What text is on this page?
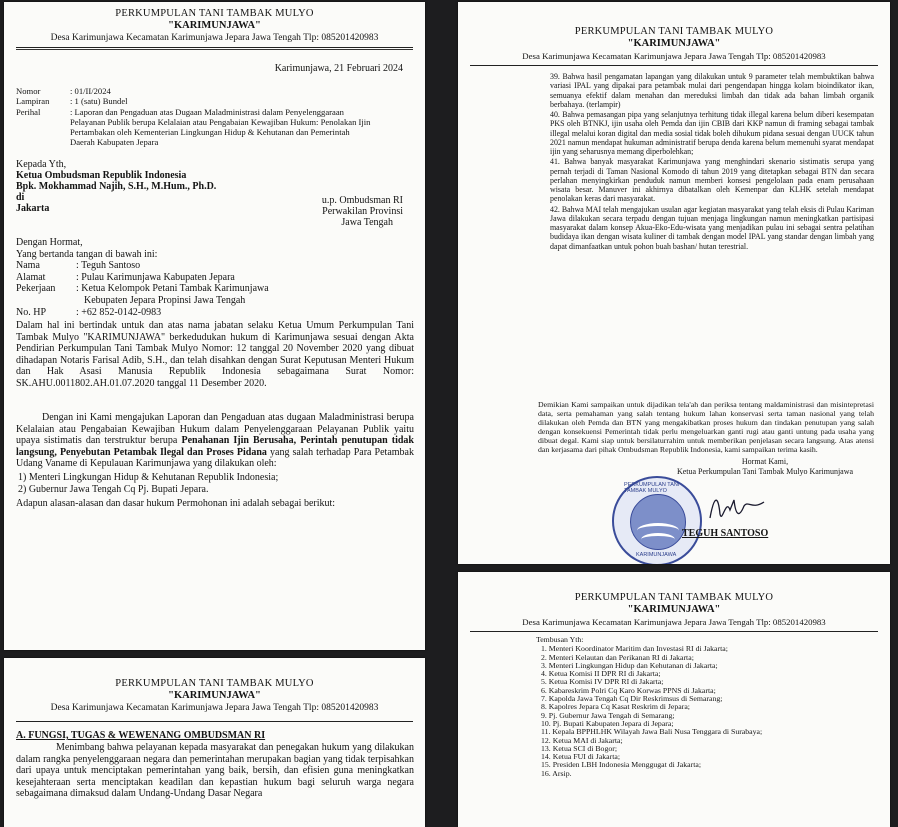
PERKUMPULAN TANI TAMBAK MULYO
"KARIMUNJAWA"
Desa Karimunjawa Kecamatan Karimunjawa Jepara Jawa Tengah Tlp: 085201420983
Karimunjawa, 21 Februari 2024
Nomor	: 01/II/2024
Lampiran	: 1 (satu) Bundel
Perihal	: Laporan dan Pengaduan atas Dugaan Maladministrasi dalam Penyelenggaraan Pelayanan Publik berupa Kelalaian atau Pengabaian Kewajiban Hukum: Penolakan Ijin Pertambakan oleh Kementerian Lingkungan Hidup & Kehutanan dan Pemerintah Daerah Kabupaten Jepara
Kepada Yth,
Ketua Ombudsman Republik Indonesia
Bpk. Mokhammad Najih, S.H., M.Hum., Ph.D.
di
Jakarta
u.p. Ombudsman RI
Perwakilan Provinsi
Jawa Tengah
Dengan Hormat,
Yang bertanda tangan di bawah ini:
Nama	: Teguh Santoso
Alamat	: Pulau Karimunjawa Kabupaten Jepara
Pekerjaan	: Ketua Kelompok Petani Tambak Karimunjawa
Kebupaten Jepara Propinsi Jawa Tengah
No. HP	: +62 852-0142-0983
Dalam hal ini bertindak untuk dan atas nama jabatan selaku Ketua Umum Perkumpulan Tani Tambak Mulyo "KARIMUNJAWA" berkedudukan hukum di Karimunjawa sesuai dengan Akta Pendirian Perkumpulan Tani Tambak Mulyo Nomor: 12 tanggal 20 November 2020 yang dibuat dihadapan Notaris Farisal Adib, S.H., dan telah disahkan dengan Surat Keputusan Menteri Hukum dan Hak Asasi Manusia Republik Indonesia sebagaimana Surat Nomor: SK.AHU.0011802.AH.01.07.2020 tanggal 11 Desember 2020.
Dengan ini Kami mengajukan Laporan dan Pengaduan atas dugaan Maladministrasi berupa Kelalaian atau Pengabaian Kewajiban Hukum dalam Penyelenggaraan Pelayanan Publik yaitu upaya sistimatis dan terstruktur berupa Penahanan Ijin Berusaha, Perintah penutupan tidak langsung, Penyebutan Petambak Ilegal dan Proses Pidana yang salah terhadap Para Petambak Udang Vaname di Kepulauan Karimunjawa yang dilakukan oleh:
1) Menteri Lingkungan Hidup & Kehutanan Republik Indonesia;
2) Gubernur Jawa Tengah Cq Pj. Bupati Jepara.
Adapun alasan-alasan dan dasar hukum Permohonan ini adalah sebagai berikut:
PERKUMPULAN TANI TAMBAK MULYO
"KARIMUNJAWA"
Desa Karimunjawa Kecamatan Karimunjawa Jepara Jawa Tengah Tlp: 085201420983
39. Bahwa hasil pengamatan lapangan yang dilakukan untuk 9 parameter telah membuktikan bahwa variasi IPAL yang dipakai para petambak mulai dari pengendapan hingga kolam bioindikator ikan, semuanya efektif dalam menahan dan mereduksi limbah dan tidak ada bahan limbah organik berbahaya. (terlampir)
40. Bahwa pemasangan pipa yang selanjutnya terhitung tidak illegal karena belum diberi kesempatan PKS oleh BTNKJ, ijin usaha oleh Pemda dan ijin CBIB dari KKP namun di framing sebagai tambak illegal melalui koran digital dan media sosial tidak boleh dihukum pidana sesuai dengan UUCK tahun 2021 namun mendapat hukuman administratif berupa denda karena belum memenuhi syarat mendapat ijin yang seharusnya memang diperbolehkan;
41. Bahwa banyak masyarakat Karimunjawa yang menghindari skenario sistimatis serupa yang pernah terjadi di Taman Nasional Komodo di tahun 2019 yang ditetapkan sebagai BTN dan secara perlahan menyingkirkan penduduk namun memberi konsesi pengelolaan pada enam perusahaan wisata besar. Manuver ini akhirnya dibatalkan oleh Kemenpar dan KLHK setelah mendapat penolakan keras dari masyarakat.
42. Bahwa MAI telah mengajukan usulan agar kegiatan masyarakat yang telah eksis di Pulau Kariman Jawa dilakukan secara terpadu dengan tujuan menjaga lingkungan namun meningkatkan partisipasi masyarakat dalam konsep Akua-Eko-Edu-wisata yang menjadikan pulau ini sebagai sentra pelatihan budidaya ikan dengan wisata kuliner di tambak dengan model IPAL yang standar dengan limbah yang dapat dimanfaatkan untuk pohon buah bashan/ hutan terestrial.
Demikian Kami sampaikan untuk dijadikan tela'ah dan periksa tentang maldaministrasi dan misintepretasi data, serta pemahaman yang salah tentang hukum lahan konservasi serta taman nasional yang telah dilakukan oleh Pemda dan BTN yang mengakibatkan proses hukum dan tindakan penutupan yang salah dengan konsekuensi Pemerintah tidak perlu mengeluarkan ganti rugi atau ganti untung pada usaha yang dibuat degal. Kami siap untuk bersilaturrahim untuk memberikan penjelasan secara langsung. Atas atensi dan kerjasama dari pihak Ombudsman Republik Indonesia, kami sampaikan terima kasih.
Hormat Kami,
Ketua Perkumpulan Tani Tambak Mulyo Karimunjawa
PERKUMPULAN TANI TAMBAK MULYO
KARIMUNJAWA
TEGUH SANTOSO
PERKUMPULAN TANI TAMBAK MULYO
"KARIMUNJAWA"
Desa Karimunjawa Kecamatan Karimunjawa Jepara Jawa Tengah Tlp: 085201420983
Tembusan Yth:
1. Menteri Koordinator Maritim dan Investasi RI di Jakarta;
2. Menteri Kelautan dan Perikanan RI di Jakarta;
3. Menteri Lingkungan Hidup dan Kehutanan di Jakarta;
4. Ketua Komisi II DPR RI di Jakarta;
5. Ketua Komisi IV DPR RI di Jakarta;
6. Kabareskrim Polri Cq Karo Korwas PPNS di Jakarta;
7. Kapolda Jawa Tengah Cq Dir Reskrimsus di Semarang;
8. Kapolres Jepara Cq Kasat Reskrim di Jepara;
9. Pj. Gubernur Jawa Tengah di Semarang;
10. Pj. Bupati Kabupaten Jepara di Jepara;
11. Kepala BPPHLHK Wilayah Jawa Bali Nusa Tenggara di Surabaya;
12. Ketua MAI di Jakarta;
13. Ketua SCI di Bogor;
14. Ketua FUI di Jakarta;
15. Presiden LBH Indonesia Menggugat di Jakarta;
16. Arsip.
PERKUMPULAN TANI TAMBAK MULYO
"KARIMUNJAWA"
Desa Karimunjawa Kecamatan Karimunjawa Jepara Jawa Tengah Tlp: 085201420983
A. FUNGSI, TUGAS & WEWENANG OMBUDSMAN RI
Menimbang bahwa pelayanan kepada masyarakat dan penegakan hukum yang dilakukan dalam rangka penyelenggaraan negara dan pemerintahan merupakan bagian yang tidak terpisahkan dari upaya untuk menciptakan pemerintahan yang baik, bersih, dan efisien guna meningkatkan kesejahteraan serta menciptakan keadilan dan kepastian hukum bagi seluruh warga negara sebagaimana dimaksud dalam Undang-Undang Dasar Negara
